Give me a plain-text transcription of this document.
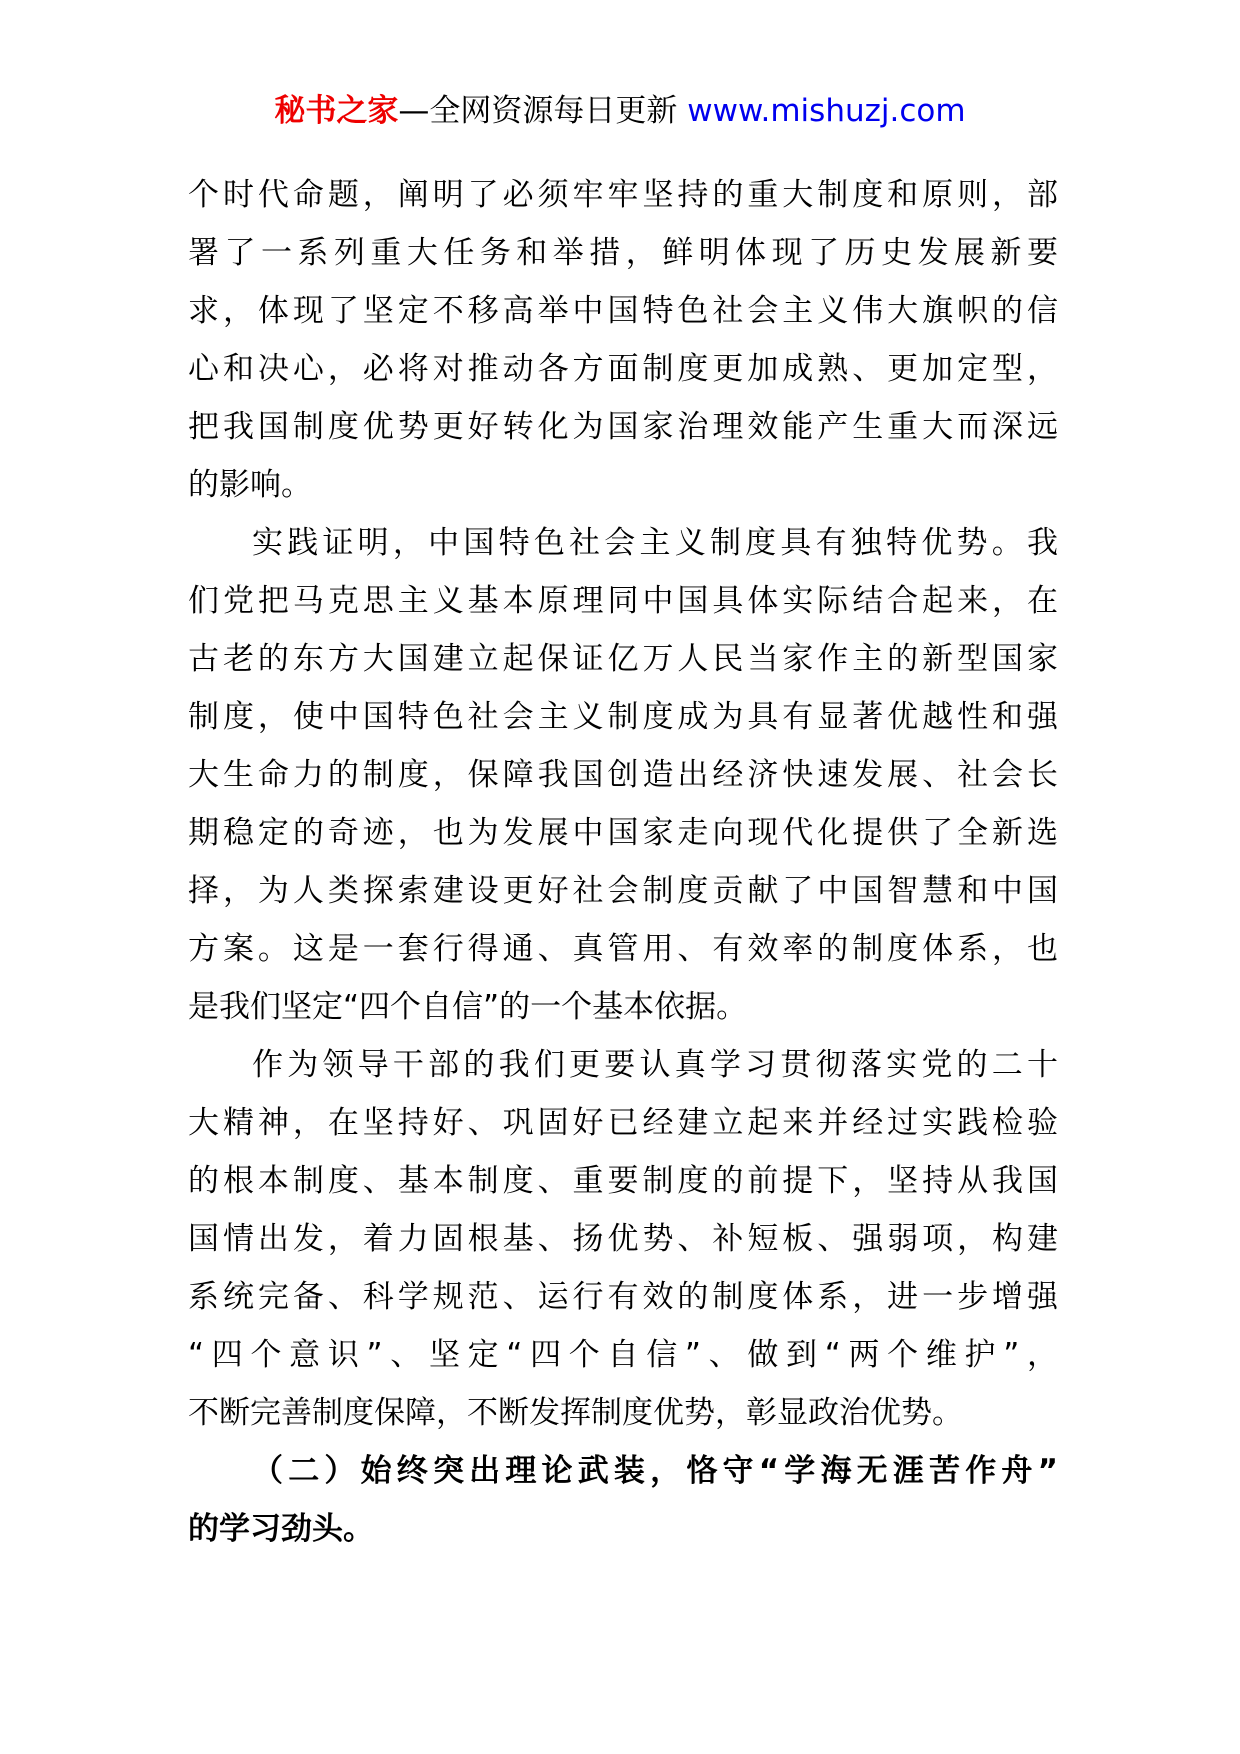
秘书之家—全网资源每日更新 www.mishuzj.com
个时代命题，阐明了必须牢牢坚持的重大制度和原则，部
署了一系列重大任务和举措，鲜明体现了历史发展新要
求，体现了坚定不移高举中国特色社会主义伟大旗帜的信
心和决心，必将对推动各方面制度更加成熟、更加定型，
把我国制度优势更好转化为国家治理效能产生重大而深远
的影响。
实践证明，中国特色社会主义制度具有独特优势。我
们党把马克思主义基本原理同中国具体实际结合起来，在
古老的东方大国建立起保证亿万人民当家作主的新型国家
制度，使中国特色社会主义制度成为具有显著优越性和强
大生命力的制度，保障我国创造出经济快速发展、社会长
期稳定的奇迹，也为发展中国家走向现代化提供了全新选
择，为人类探索建设更好社会制度贡献了中国智慧和中国
方案。这是一套行得通、真管用、有效率的制度体系，也
是我们坚定“四个自信”的一个基本依据。
作为领导干部的我们更要认真学习贯彻落实党的二十
大精神，在坚持好、巩固好已经建立起来并经过实践检验
的根本制度、基本制度、重要制度的前提下，坚持从我国
国情出发，着力固根基、扬优势、补短板、强弱项，构建
系统完备、科学规范、运行有效的制度体系，进一步增强
“四个意识”、坚定“四个自信”、做到“两个维护”，
不断完善制度保障，不断发挥制度优势，彰显政治优势。
（二）始终突出理论武装，恪守“学海无涯苦作舟”
的学习劲头。
